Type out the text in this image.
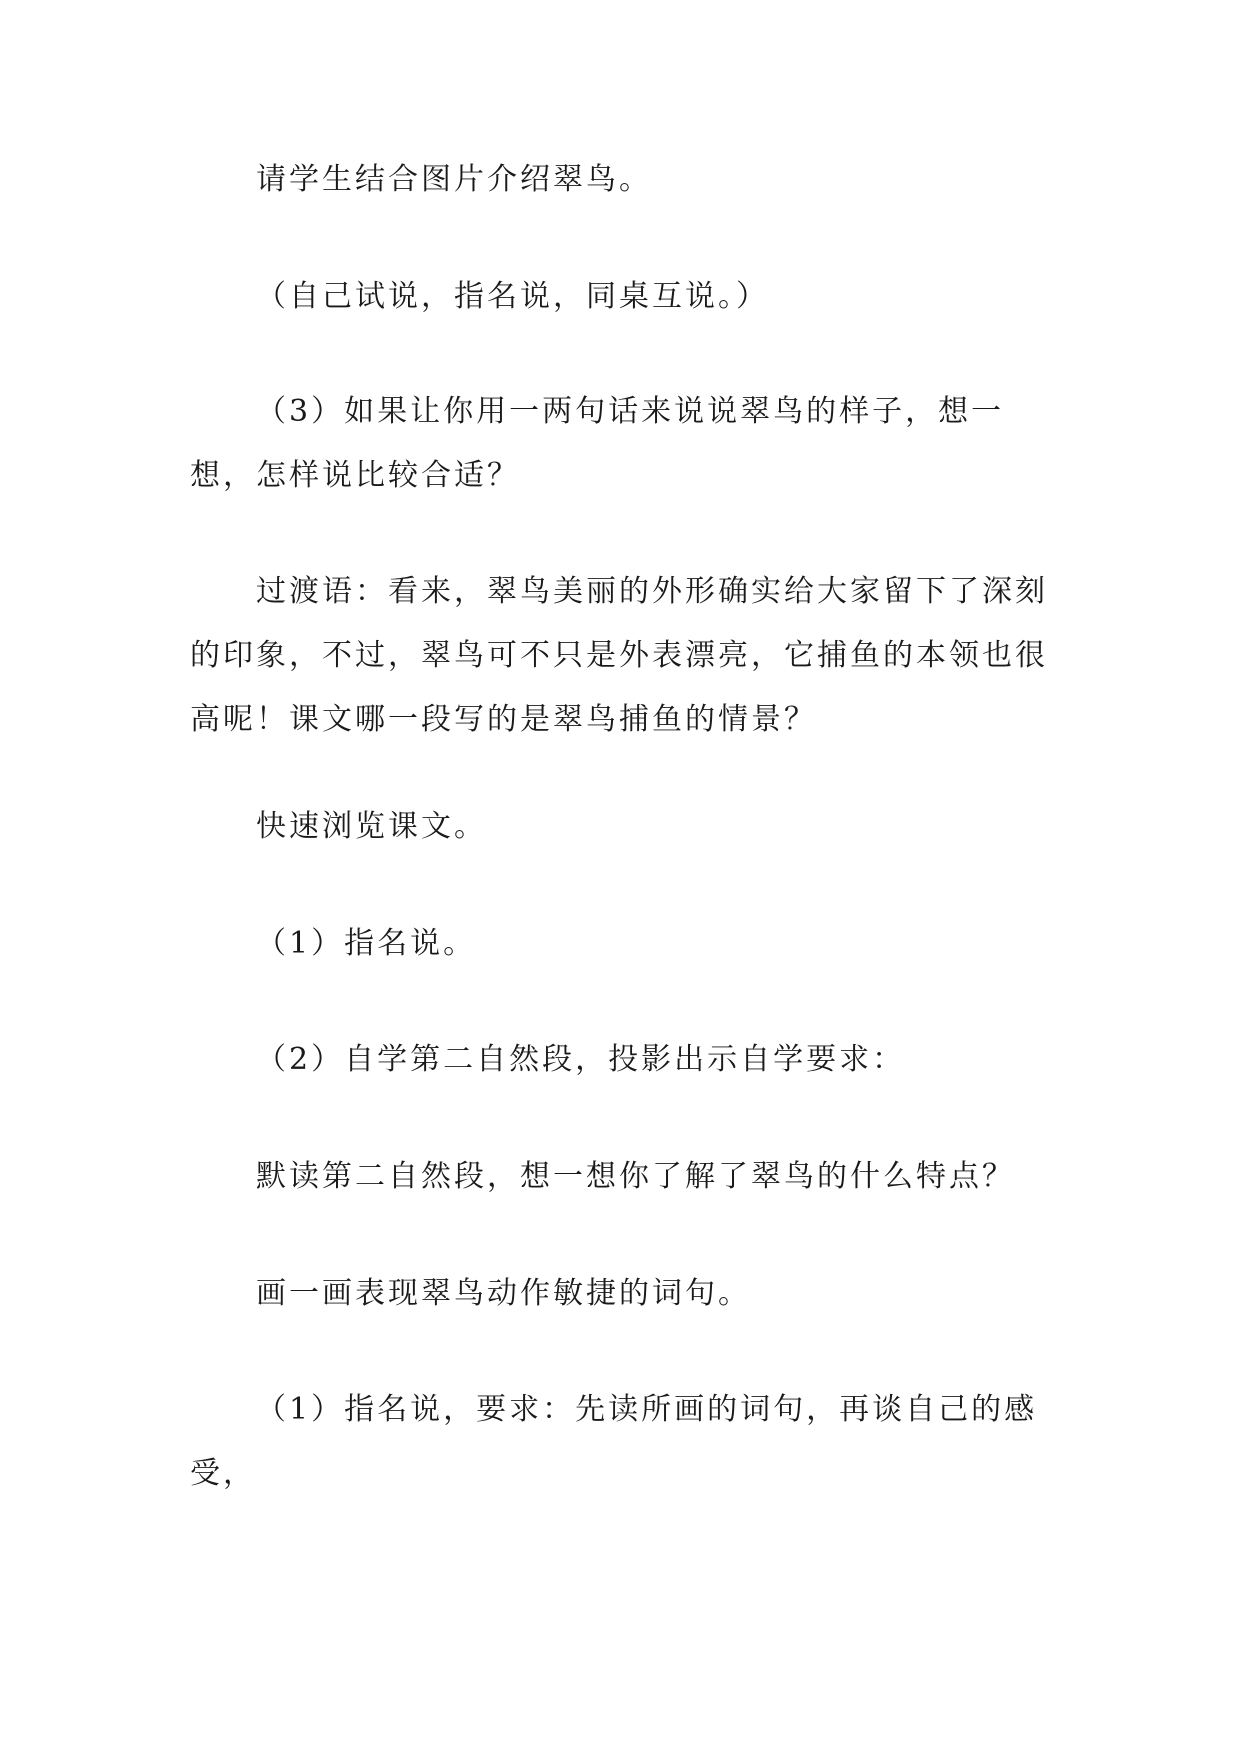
请学生结合图片介绍翠鸟。

（自己试说，指名说，同桌互说。）

（3）如果让你用一两句话来说说翠鸟的样子，想一想，怎样说比较合适？

过渡语：看来，翠鸟美丽的外形确实给大家留下了深刻的印象，不过，翠鸟可不只是外表漂亮，它捕鱼的本领也很高呢！课文哪一段写的是翠鸟捕鱼的情景？

快速浏览课文。

（1）指名说。

（2）自学第二自然段，投影出示自学要求：

默读第二自然段，想一想你了解了翠鸟的什么特点？

画一画表现翠鸟动作敏捷的词句。

（1）指名说，要求：先读所画的词句，再谈自己的感受，
